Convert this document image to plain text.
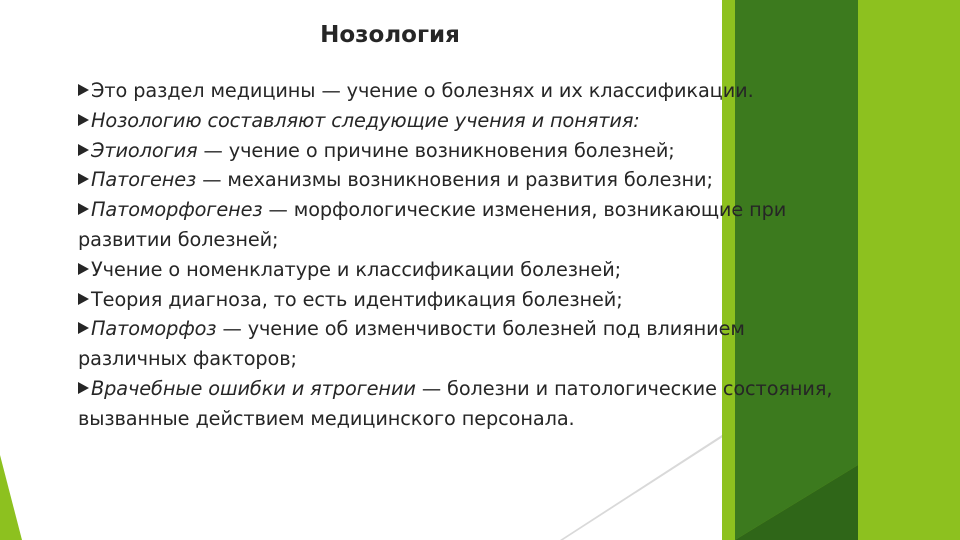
Нозология

Это раздел медицины — учение о болезнях и их классификации.

Нозологию составляют следующие учения и понятия:

Этиология — учение о причине возникновения болезней;

Патогенез — механизмы возникновения и развития болезни;

Патоморфогенез — морфологические изменения, возникающие при развитии болезней;

Учение о номенклатуре и классификации болезней;

Теория диагноза, то есть идентификация болезней;

Патоморфоз — учение об изменчивости болезней под влиянием различных факторов;

Врачебные ошибки и ятрогении — болезни и патологические состояния, вызванные действием медицинского персонала.
